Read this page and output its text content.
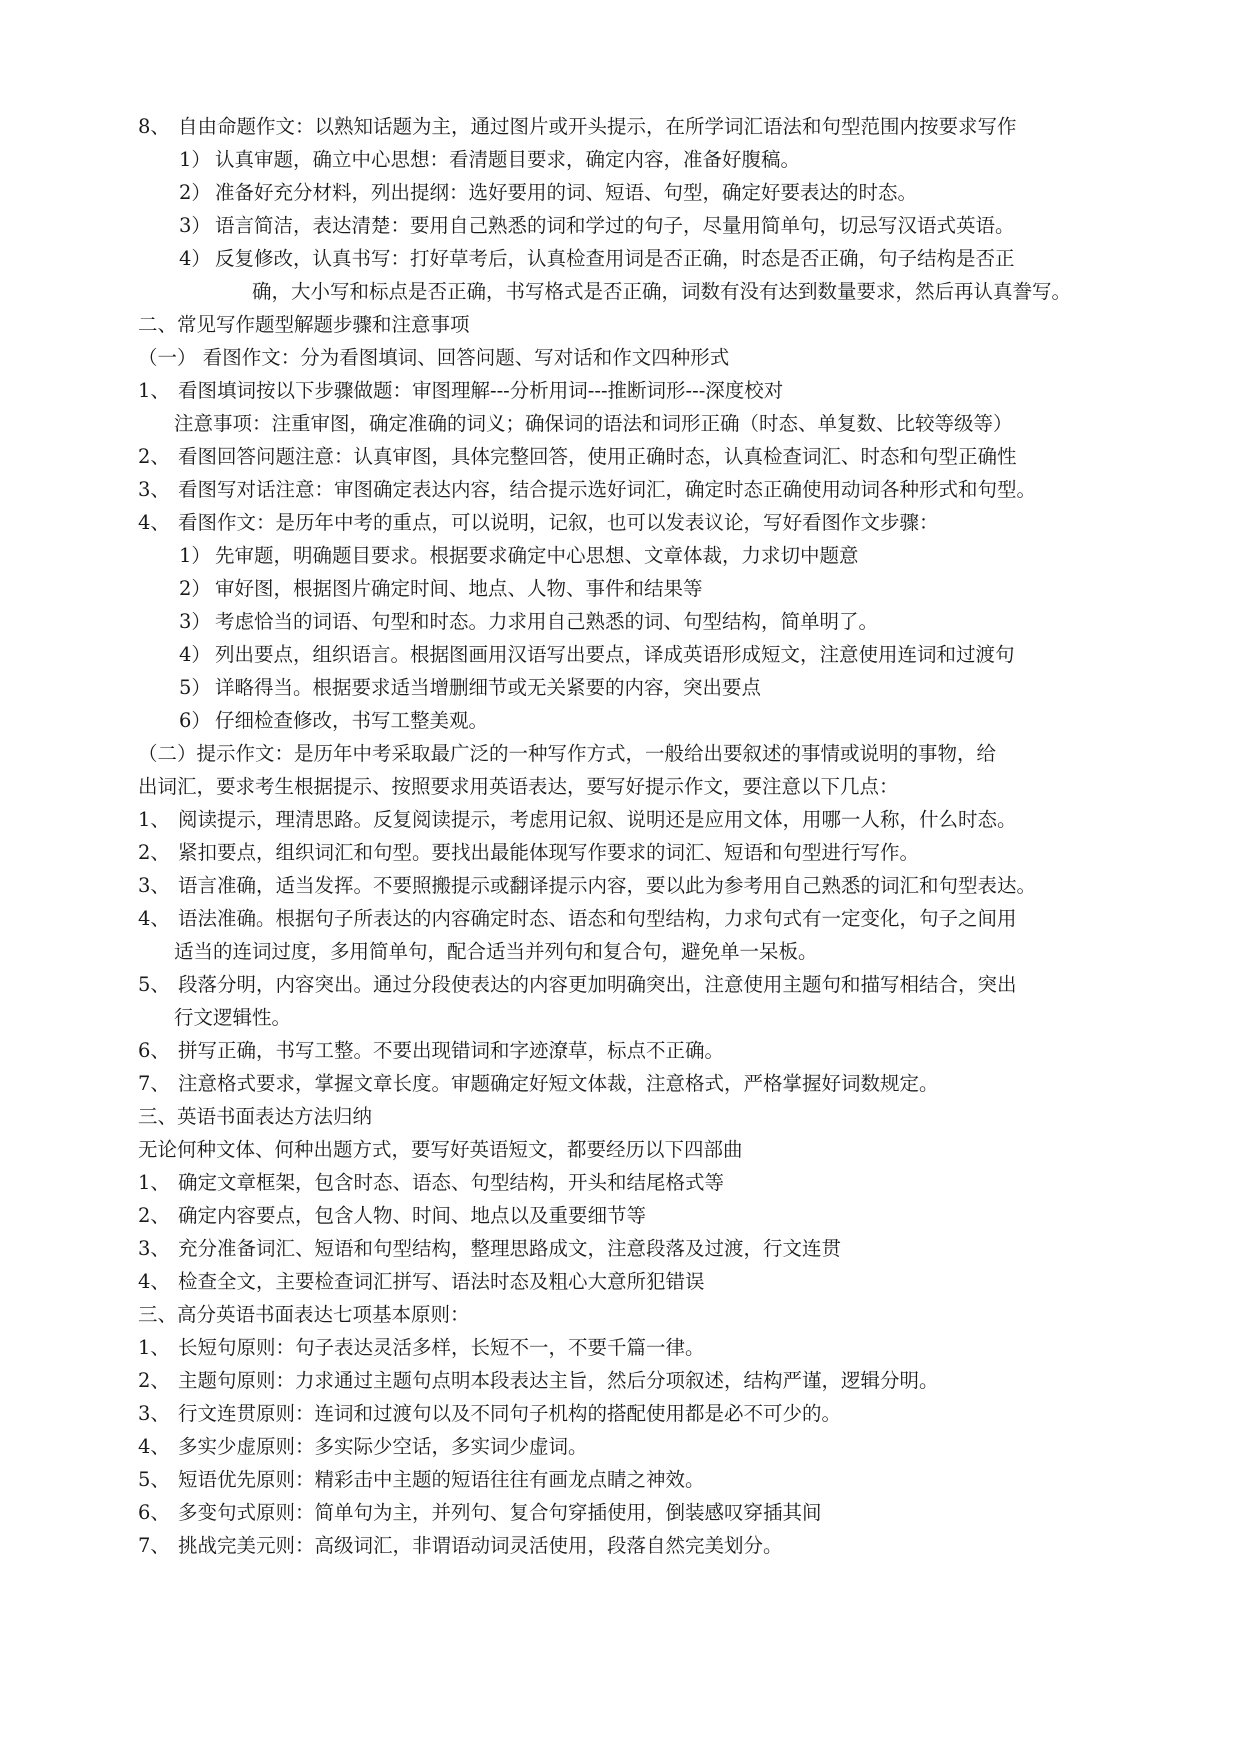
8、 自由命题作文：以熟知话题为主，通过图片或开头提示，在所学词汇语法和句型范围内按要求写作
1） 认真审题，确立中心思想：看清题目要求，确定内容，准备好腹稿。
2） 准备好充分材料，列出提纲：选好要用的词、短语、句型，确定好要表达的时态。
3） 语言简洁，表达清楚：要用自己熟悉的词和学过的句子，尽量用简单句，切忌写汉语式英语。
4） 反复修改，认真书写：打好草考后，认真检查用词是否正确，时态是否正确，句子结构是否正
确，大小写和标点是否正确，书写格式是否正确，词数有没有达到数量要求，然后再认真誊写。
二、常见写作题型解题步骤和注意事项
（一） 看图作文：分为看图填词、回答问题、写对话和作文四种形式
1、 看图填词按以下步骤做题：审图理解---分析用词---推断词形---深度校对
注意事项：注重审图，确定准确的词义；确保词的语法和词形正确（时态、单复数、比较等级等）
2、 看图回答问题注意：认真审图，具体完整回答，使用正确时态，认真检查词汇、时态和句型正确性
3、 看图写对话注意：审图确定表达内容，结合提示选好词汇，确定时态正确使用动词各种形式和句型。
4、 看图作文：是历年中考的重点，可以说明，记叙，也可以发表议论，写好看图作文步骤：
1） 先审题，明确题目要求。根据要求确定中心思想、文章体裁，力求切中题意
2） 审好图，根据图片确定时间、地点、人物、事件和结果等
3） 考虑恰当的词语、句型和时态。力求用自己熟悉的词、句型结构，简单明了。
4） 列出要点，组织语言。根据图画用汉语写出要点，译成英语形成短文，注意使用连词和过渡句
5） 详略得当。根据要求适当增删细节或无关紧要的内容，突出要点
6） 仔细检查修改，书写工整美观。
（二）提示作文：是历年中考采取最广泛的一种写作方式，一般给出要叙述的事情或说明的事物，给
出词汇，要求考生根据提示、按照要求用英语表达，要写好提示作文，要注意以下几点：
1、 阅读提示，理清思路。反复阅读提示，考虑用记叙、说明还是应用文体，用哪一人称，什么时态。
2、 紧扣要点，组织词汇和句型。要找出最能体现写作要求的词汇、短语和句型进行写作。
3、 语言准确，适当发挥。不要照搬提示或翻译提示内容，要以此为参考用自己熟悉的词汇和句型表达。
4、 语法准确。根据句子所表达的内容确定时态、语态和句型结构，力求句式有一定变化，句子之间用
适当的连词过度，多用简单句，配合适当并列句和复合句，避免单一呆板。
5、 段落分明，内容突出。通过分段使表达的内容更加明确突出，注意使用主题句和描写相结合，突出
行文逻辑性。
6、 拼写正确，书写工整。不要出现错词和字迹潦草，标点不正确。
7、 注意格式要求，掌握文章长度。审题确定好短文体裁，注意格式，严格掌握好词数规定。
三、英语书面表达方法归纳
无论何种文体、何种出题方式，要写好英语短文，都要经历以下四部曲
1、 确定文章框架，包含时态、语态、句型结构，开头和结尾格式等
2、 确定内容要点，包含人物、时间、地点以及重要细节等
3、 充分准备词汇、短语和句型结构，整理思路成文，注意段落及过渡，行文连贯
4、 检查全文，主要检查词汇拼写、语法时态及粗心大意所犯错误
三、高分英语书面表达七项基本原则：
1、 长短句原则：句子表达灵活多样，长短不一，不要千篇一律。
2、 主题句原则：力求通过主题句点明本段表达主旨，然后分项叙述，结构严谨，逻辑分明。
3、 行文连贯原则：连词和过渡句以及不同句子机构的搭配使用都是必不可少的。
4、 多实少虚原则：多实际少空话，多实词少虚词。
5、 短语优先原则：精彩击中主题的短语往往有画龙点睛之神效。
6、 多变句式原则：简单句为主，并列句、复合句穿插使用，倒装感叹穿插其间
7、 挑战完美元则：高级词汇，非谓语动词灵活使用，段落自然完美划分。
